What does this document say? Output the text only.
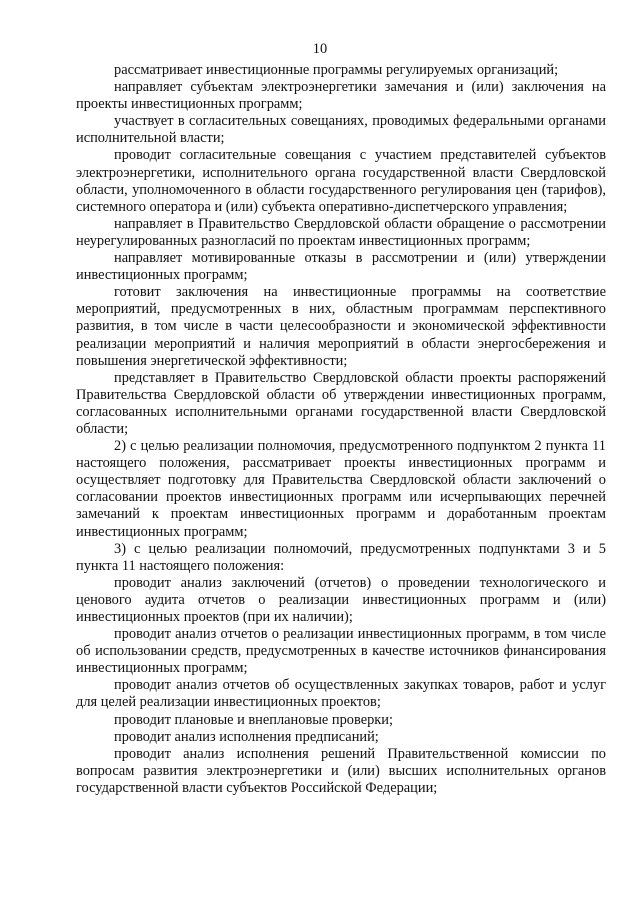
10

рассматривает инвестиционные программы регулируемых организаций;

направляет субъектам электроэнергетики замечания и (или) заключения на проекты инвестиционных программ;

участвует в согласительных совещаниях, проводимых федеральными органами исполнительной власти;

проводит согласительные совещания с участием представителей субъектов электроэнергетики, исполнительного органа государственной власти Свердловской области, уполномоченного в области государственного регулирования цен (тарифов), системного оператора и (или) субъекта оперативно-диспетчерского управления;

направляет в Правительство Свердловской области обращение о рассмотрении неурегулированных разногласий по проектам инвестиционных программ;

направляет мотивированные отказы в рассмотрении и (или) утверждении инвестиционных программ;

готовит заключения на инвестиционные программы на соответствие мероприятий, предусмотренных в них, областным программам перспективного развития, в том числе в части целесообразности и экономической эффективности реализации мероприятий и наличия мероприятий в области энергосбережения и повышения энергетической эффективности;

представляет в Правительство Свердловской области проекты распоряжений Правительства Свердловской области об утверждении инвестиционных программ, согласованных исполнительными органами государственной власти Свердловской области;

2) с целью реализации полномочия, предусмотренного подпунктом 2 пункта 11 настоящего положения, рассматривает проекты инвестиционных программ и осуществляет подготовку для Правительства Свердловской области заключений о согласовании проектов инвестиционных программ или исчерпывающих перечней замечаний к проектам инвестиционных программ и доработанным проектам инвестиционных программ;

3) с целью реализации полномочий, предусмотренных подпунктами 3 и 5 пункта 11 настоящего положения:

проводит анализ заключений (отчетов) о проведении технологического и ценового аудита отчетов о реализации инвестиционных программ и (или) инвестиционных проектов (при их наличии);

проводит анализ отчетов о реализации инвестиционных программ, в том числе об использовании средств, предусмотренных в качестве источников финансирования инвестиционных программ;

проводит анализ отчетов об осуществленных закупках товаров, работ и услуг для целей реализации инвестиционных проектов;

проводит плановые и внеплановые проверки;

проводит анализ исполнения предписаний;

проводит анализ исполнения решений Правительственной комиссии по вопросам развития электроэнергетики и (или) высших исполнительных органов государственной власти субъектов Российской Федерации;
